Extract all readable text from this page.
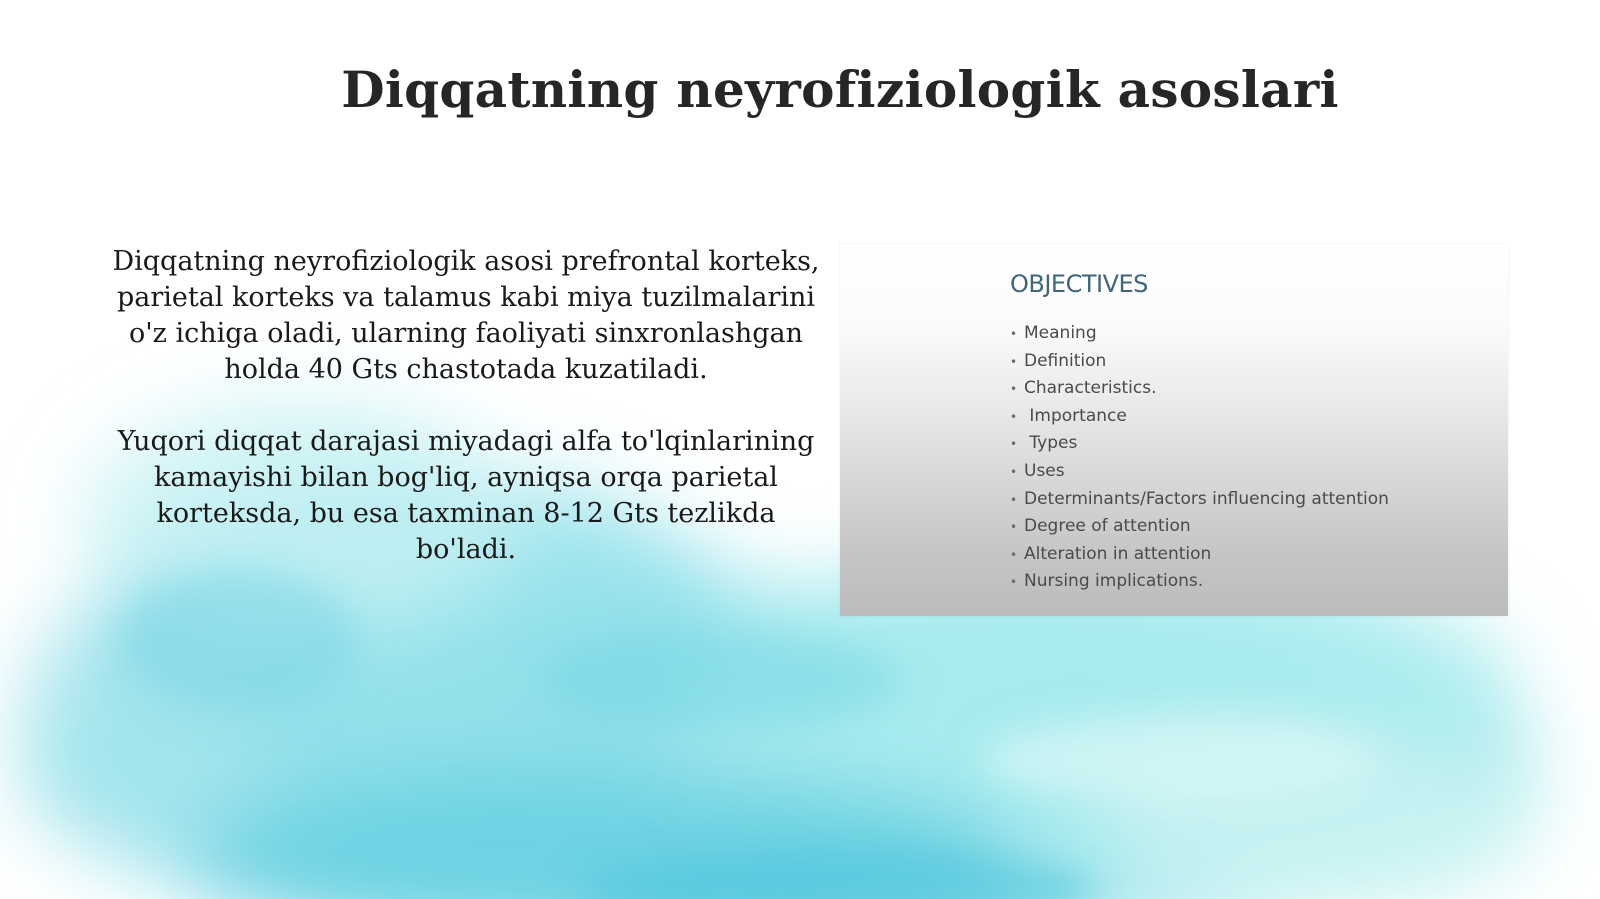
Diqqatning neyrofiziologik asoslari

Diqqatning neyrofiziologik asosi prefrontal korteks, parietal korteks va talamus kabi miya tuzilmalarini o'z ichiga oladi, ularning faoliyati sinxronlashgan holda 40 Gts chastotada kuzatiladi.

Yuqori diqqat darajasi miyadagi alfa to'lqinlarining kamayishi bilan bog'liq, ayniqsa orqa parietal korteksda, bu esa taxminan 8-12 Gts tezlikda bo'ladi.

OBJECTIVES
• Meaning
• Definition
• Characteristics.
• Importance
• Types
• Uses
• Determinants/Factors influencing attention
• Degree of attention
• Alteration in attention
• Nursing implications.
